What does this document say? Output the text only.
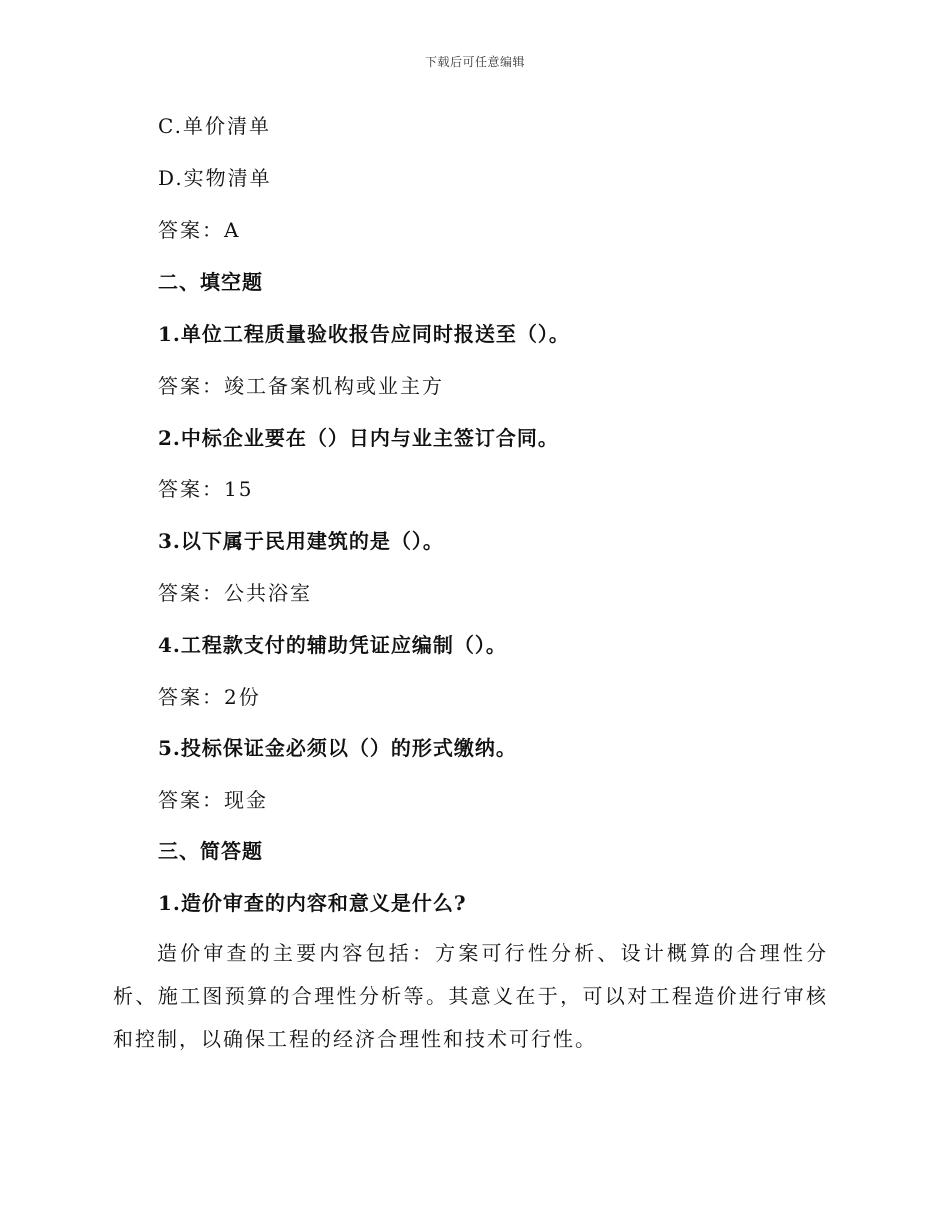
下载后可任意编辑
C.单价清单
D.实物清单
答案：A
二、填空题
1.单位工程质量验收报告应同时报送至（）。
答案：竣工备案机构或业主方
2.中标企业要在（）日内与业主签订合同。
答案：15
3.以下属于民用建筑的是（）。
答案：公共浴室
4.工程款支付的辅助凭证应编制（）。
答案：2份
5.投标保证金必须以（）的形式缴纳。
答案：现金
三、简答题
1.造价审查的内容和意义是什么?
造价审查的主要内容包括：方案可行性分析、设计概算的合理性分析、施工图预算的合理性分析等。其意义在于，可以对工程造价进行审核和控制，以确保工程的经济合理性和技术可行性。
